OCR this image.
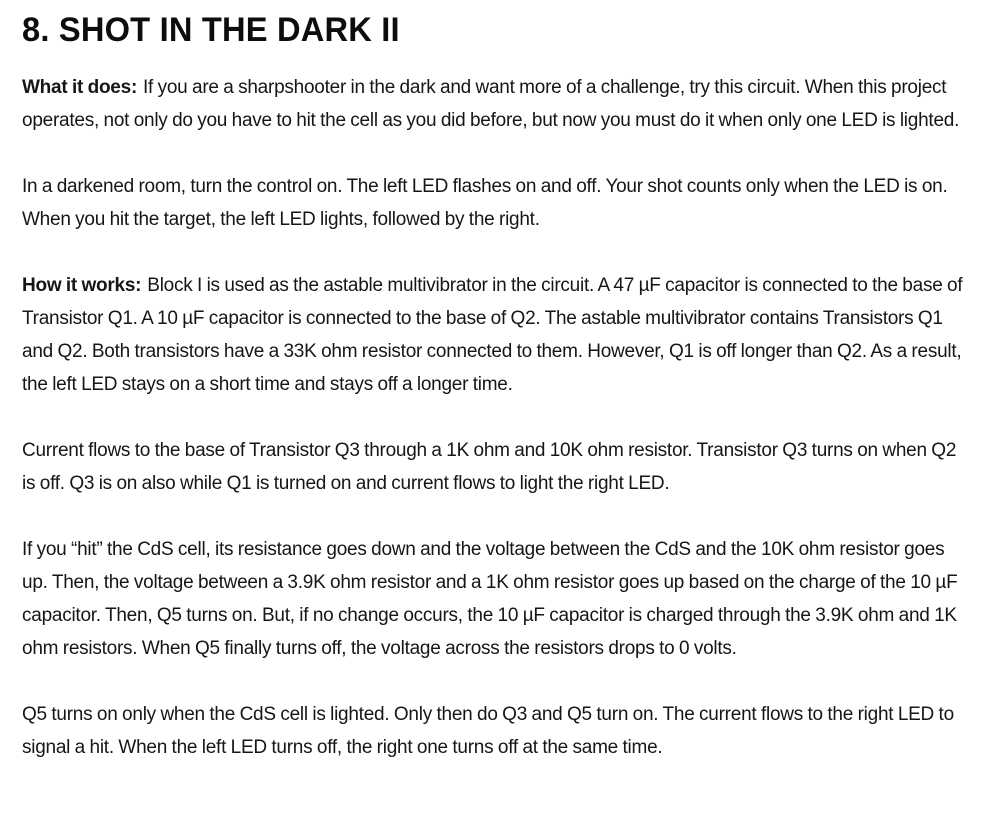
8. SHOT IN THE DARK II

What it does: If you are a sharpshooter in the dark and want more of a challenge, try this circuit. When this project operates, not only do you have to hit the cell as you did before, but now you must do it when only one LED is lighted.

In a darkened room, turn the control on. The left LED flashes on and off. Your shot counts only when the LED is on. When you hit the target, the left LED lights, followed by the right.

How it works: Block I is used as the astable multivibrator in the circuit. A 47 µF capacitor is connected to the base of Transistor Q1. A 10 µF capacitor is connected to the base of Q2. The astable multivibrator contains Transistors Q1 and Q2. Both transistors have a 33K ohm resistor connected to them. However, Q1 is off longer than Q2. As a result, the left LED stays on a short time and stays off a longer time.

Current flows to the base of Transistor Q3 through a 1K ohm and 10K ohm resistor. Transistor Q3 turns on when Q2 is off. Q3 is on also while Q1 is turned on and current flows to light the right LED.

If you “hit” the CdS cell, its resistance goes down and the voltage between the CdS and the 10K ohm resistor goes up. Then, the voltage between a 3.9K ohm resistor and a 1K ohm resistor goes up based on the charge of the 10 µF capacitor. Then, Q5 turns on. But, if no change occurs, the 10 µF capacitor is charged through the 3.9K ohm and 1K ohm resistors. When Q5 finally turns off, the voltage across the resistors drops to 0 volts.

Q5 turns on only when the CdS cell is lighted. Only then do Q3 and Q5 turn on. The current flows to the right LED to signal a hit. When the left LED turns off, the right one turns off at the same time.
